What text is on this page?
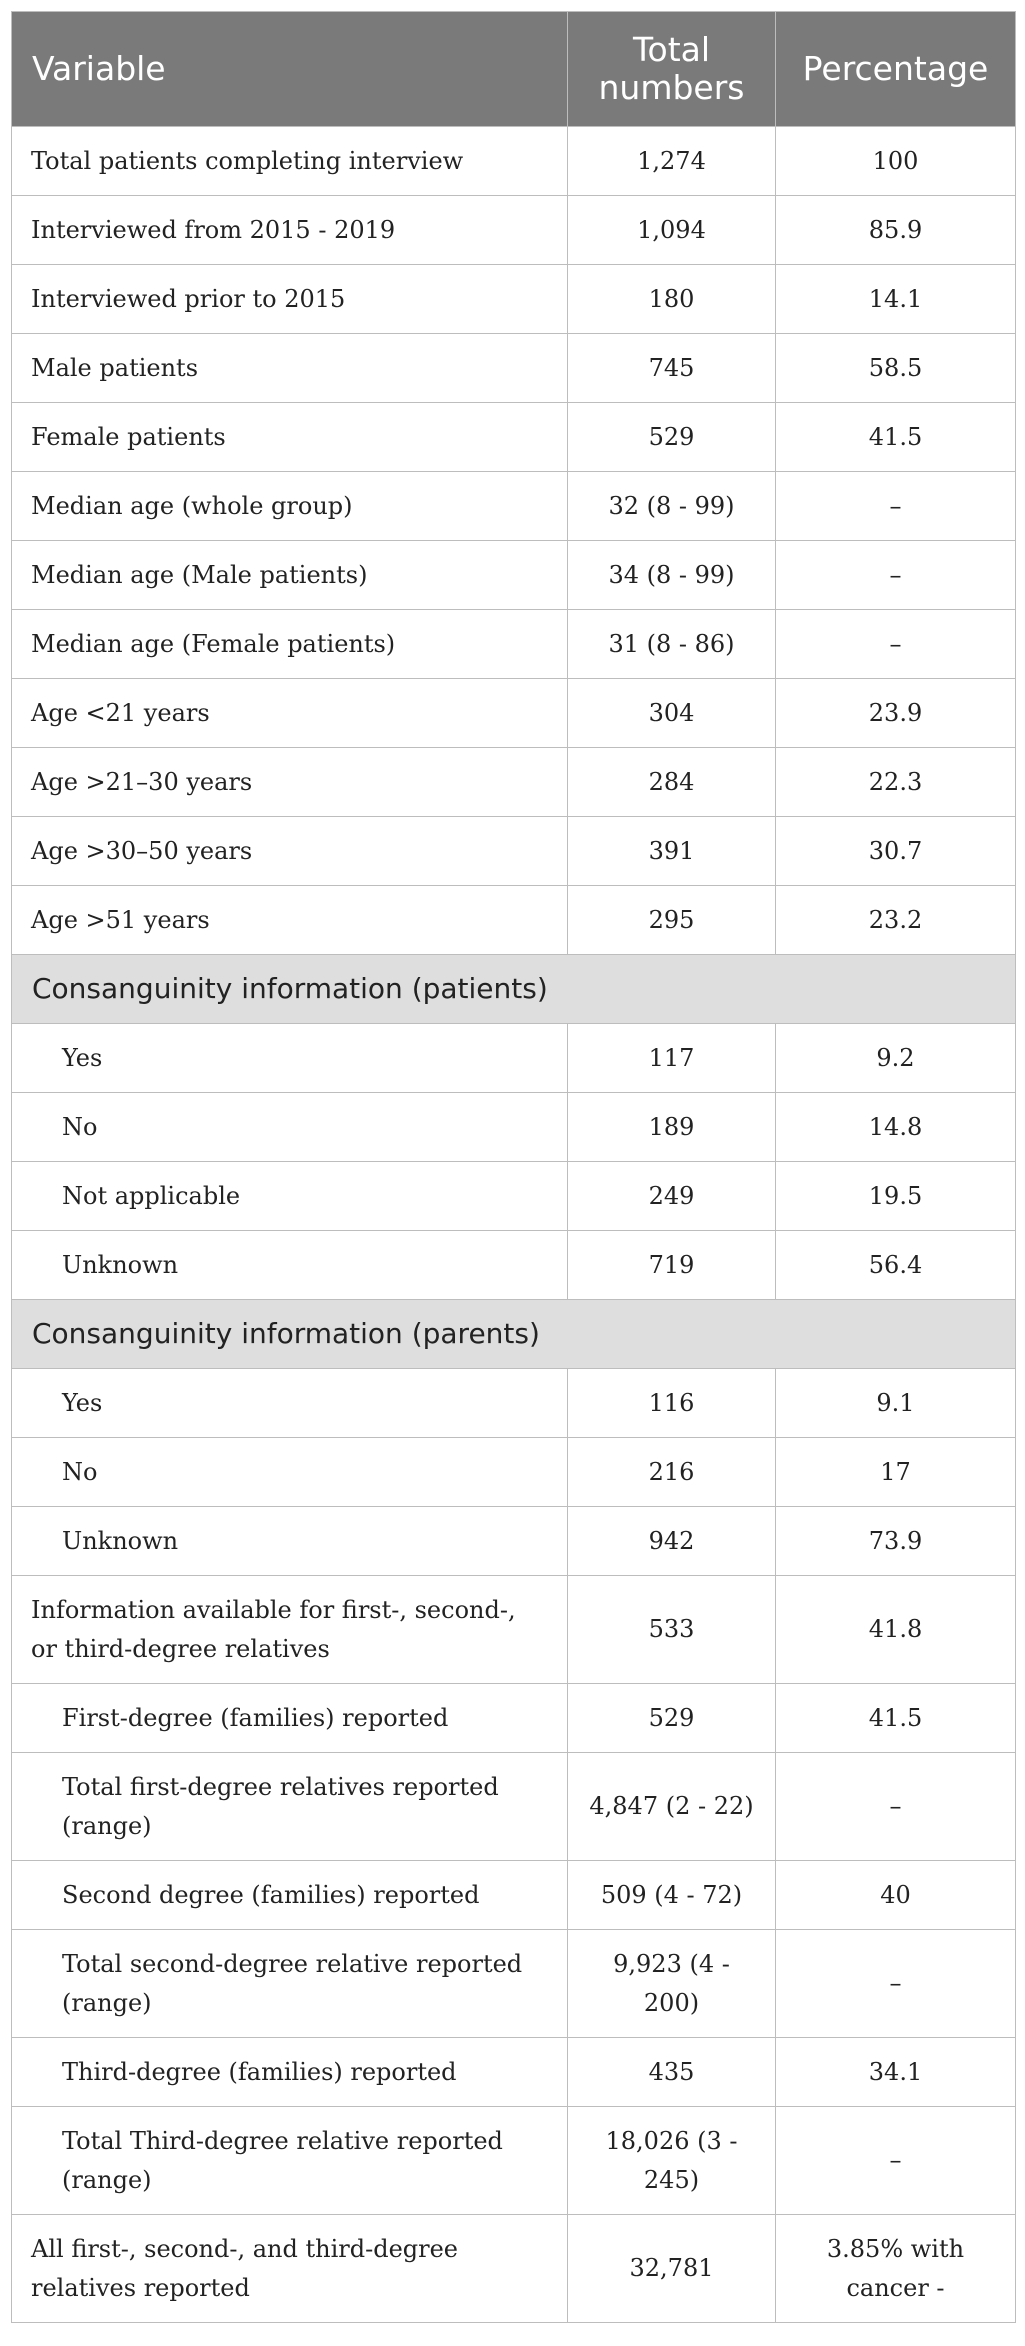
Variable	Total numbers	Percentage
Total patients completing interview	1,274	100
Interviewed from 2015 - 2019	1,094	85.9
Interviewed prior to 2015	180	14.1
Male patients	745	58.5
Female patients	529	41.5
Median age (whole group)	32 (8 - 99)	–
Median age (Male patients)	34 (8 - 99)	–
Median age (Female patients)	31 (8 - 86)	–
Age <21 years	304	23.9
Age >21–30 years	284	22.3
Age >30–50 years	391	30.7
Age >51 years	295	23.2
Consanguinity information (patients)		
Yes	117	9.2
No	189	14.8
Not applicable	249	19.5
Unknown	719	56.4
Consanguinity information (parents)		
Yes	116	9.1
No	216	17
Unknown	942	73.9
Information available for first-, second-, or third-degree relatives	533	41.8
First-degree (families) reported	529	41.5
Total first-degree relatives reported (range)	4,847 (2 - 22)	–
Second degree (families) reported	509 (4 - 72)	40
Total second-degree relative reported (range)	9,923 (4 - 200)	–
Third-degree (families) reported	435	34.1
Total Third-degree relative reported (range)	18,026 (3 - 245)	–
All first-, second-, and third-degree relatives reported	32,781	3.85% with cancer -
